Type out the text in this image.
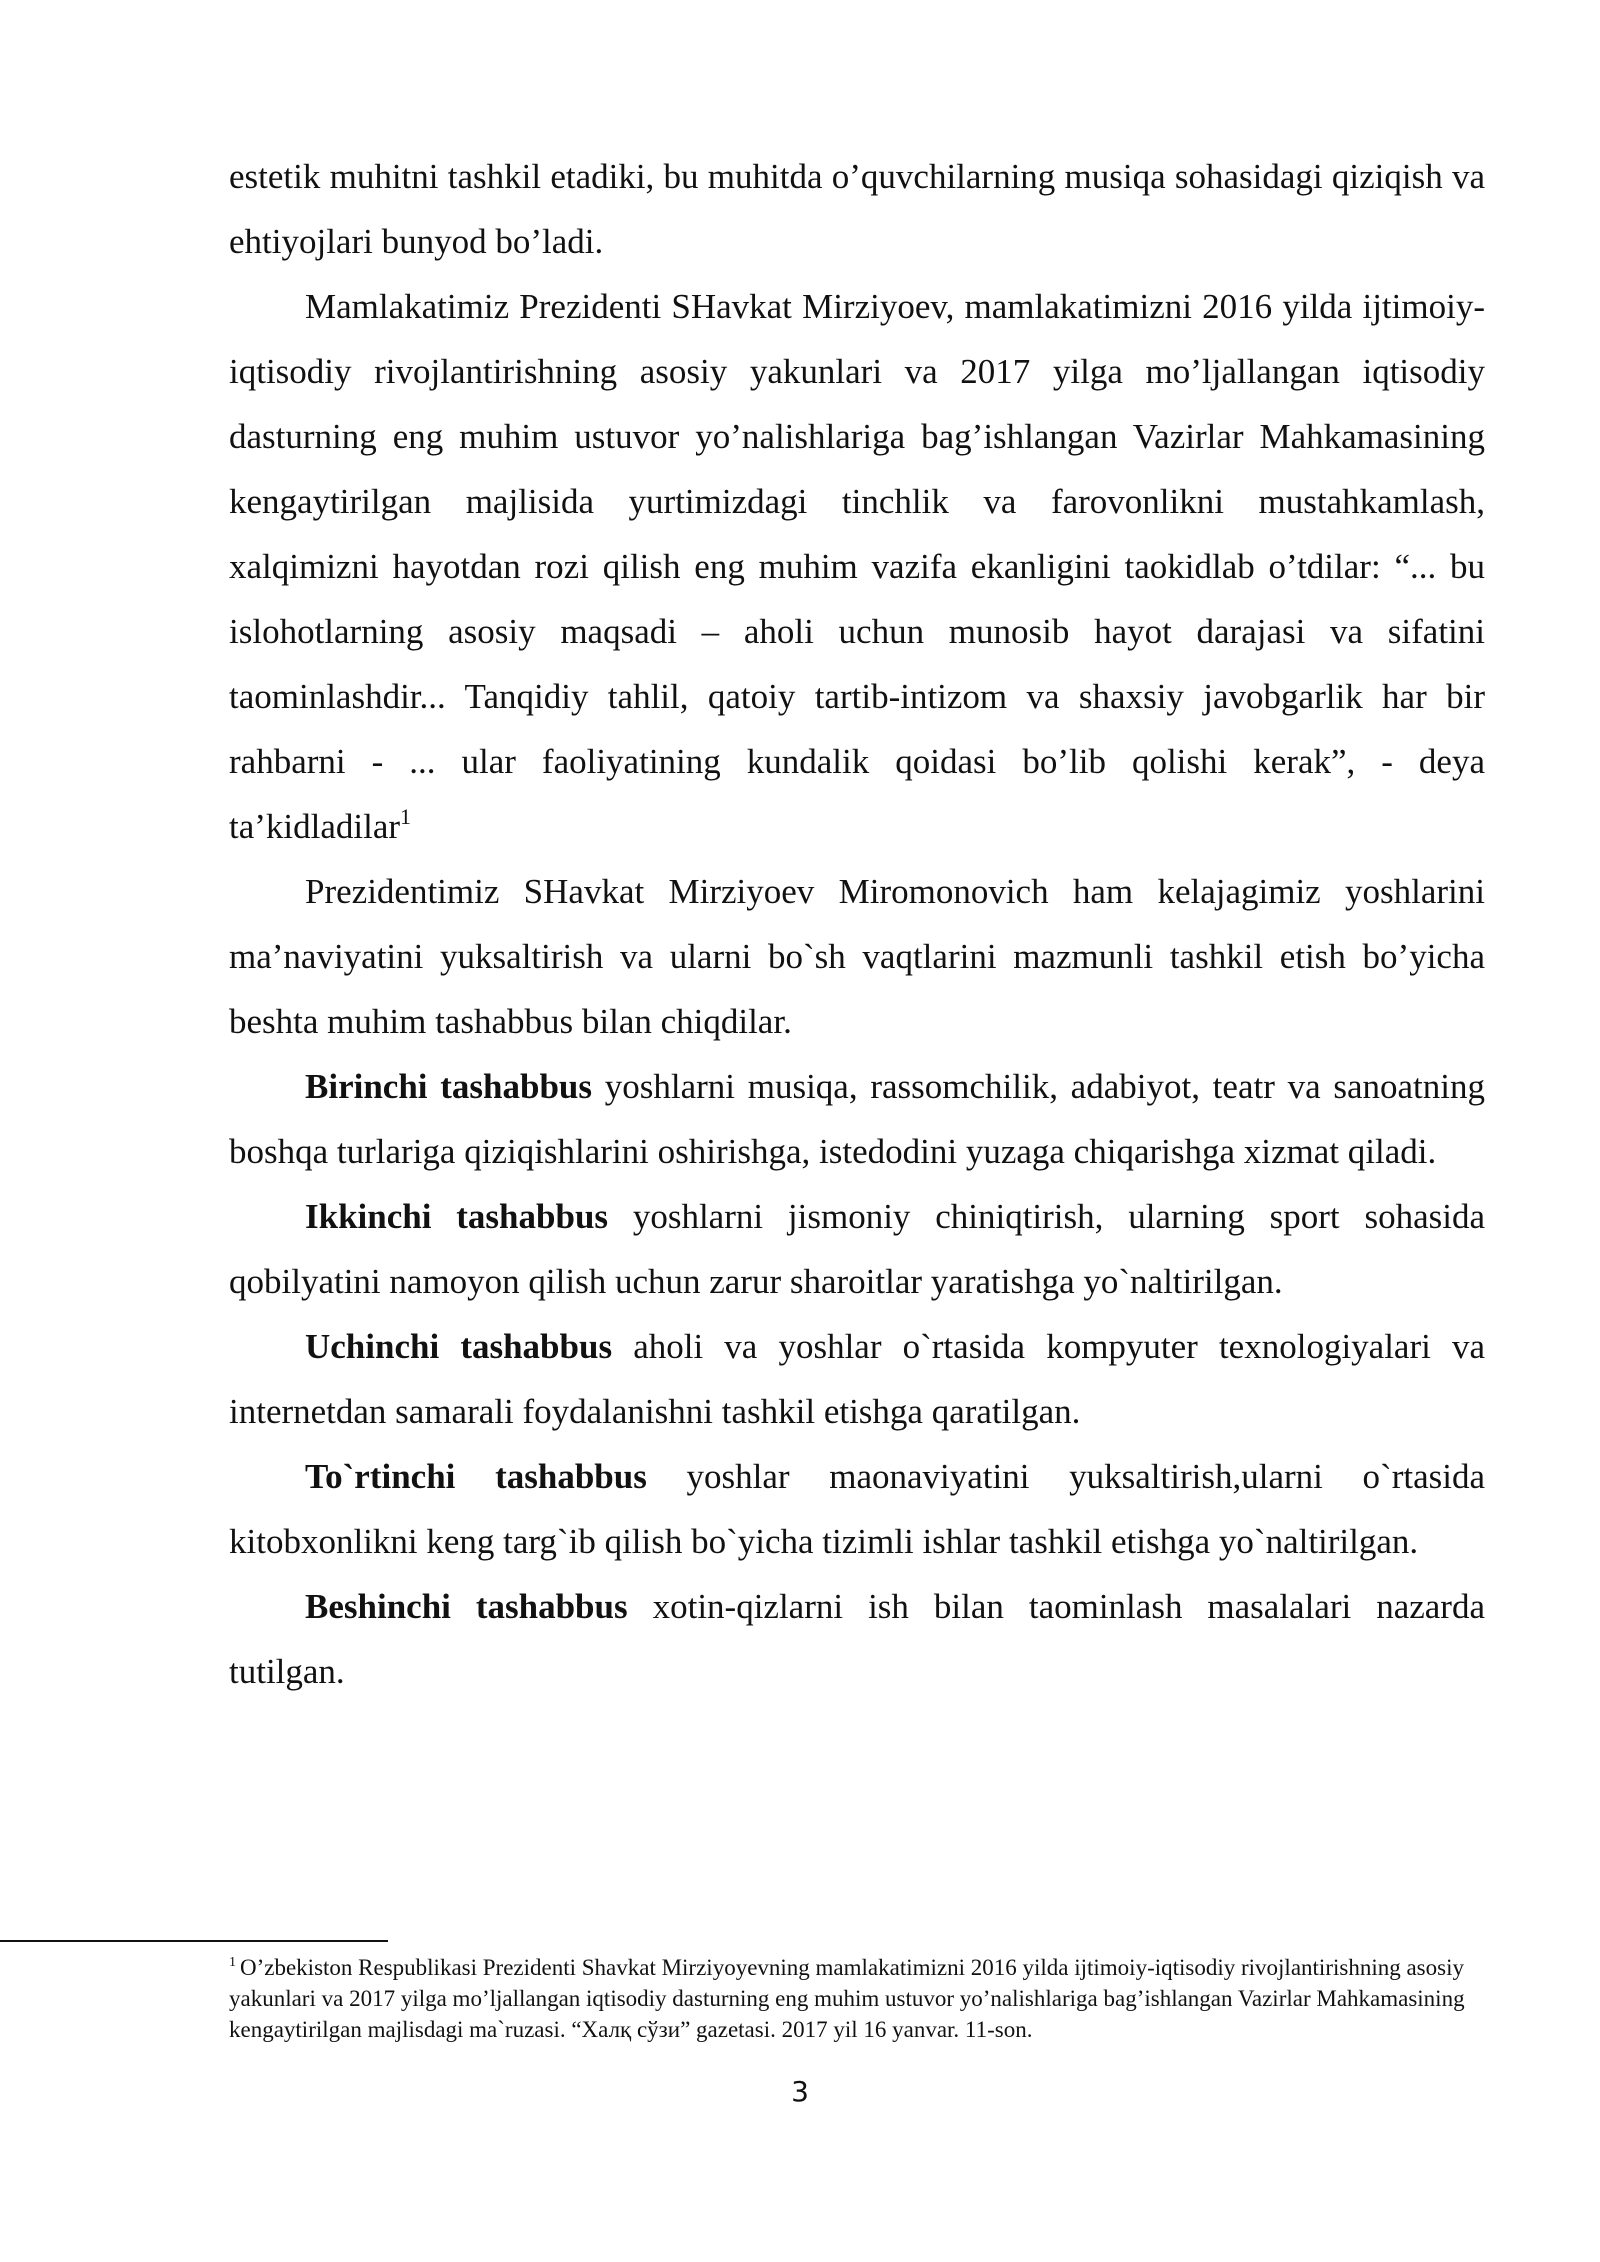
estetik muhitni tashkil etadiki, bu muhitda o’quvchilarning musiqa sohasidagi qiziqish va ehtiyojlari bunyod bo’ladi.

Mamlakatimiz Prezidenti SHavkat Mirziyoev, mamlakatimizni 2016 yilda ijtimoiy-iqtisodiy rivojlantirishning asosiy yakunlari va 2017 yilga mo’ljallangan iqtisodiy dasturning eng muhim ustuvor yo’nalishlariga bag’ishlangan Vazirlar Mahkamasining kengaytirilgan majlisida yurtimizdagi tinchlik va farovonlikni mustahkamlash, xalqimizni hayotdan rozi qilish eng muhim vazifa ekanligini taokidlab o’tdilar: “... bu islohotlarning asosiy maqsadi – aholi uchun munosib hayot darajasi va sifatini taominlashdir... Tanqidiy tahlil, qatoiy tartib-intizom va shaxsiy javobgarlik har bir rahbarni - ... ular faoliyatining kundalik qoidasi bo’lib qolishi kerak”, - deya ta’kidladilar$^1$

Prezidentimiz SHavkat Mirziyoev Miromonovich ham kelajagimiz yoshlarini ma’naviyatini yuksaltirish va ularni bo`sh vaqtlarini mazmunli tashkil etish bo’yicha beshta muhim tashabbus bilan chiqdilar.

Birinchi tashabbus yoshlarni musiqa, rassomchilik, adabiyot, teatr va sanoatning boshqa turlariga qiziqishlarini oshirishga, istedodini yuzaga chiqarishga xizmat qiladi.

Ikkinchi tashabbus yoshlarni jismoniy chiniqtirish, ularning sport sohasida qobilyatini namoyon qilish uchun zarur sharoitlar yaratishga yo`naltirilgan.

Uchinchi tashabbus aholi va yoshlar o`rtasida kompyuter texnologiyalari va internetdan samarali foydalanishni tashkil etishga qaratilgan.

To`rtinchi tashabbus yoshlar maonaviyatini yuksaltirish,ularni o`rtasida kitobxonlikni keng targ`ib qilish bo`yicha tizimli ishlar tashkil etishga yo`naltirilgan.

Beshinchi tashabbus xotin-qizlarni ish bilan taominlash masalalari nazarda tutilgan.

$^1$ O’zbekiston Respublikasi Prezidenti Shavkat Mirziyoyevning mamlakatimizni 2016 yilda ijtimoiy-iqtisodiy rivojlantirishning asosiy yakunlari va 2017 yilga mo’ljallangan iqtisodiy dasturning eng muhim ustuvor yo’nalishlariga bag’ishlangan Vazirlar Mahkamasining kengaytirilgan majlisdagi ma`ruzasi. “Халқ сўзи” gazetasi. 2017 yil 16 yanvar. 11-son.

3
